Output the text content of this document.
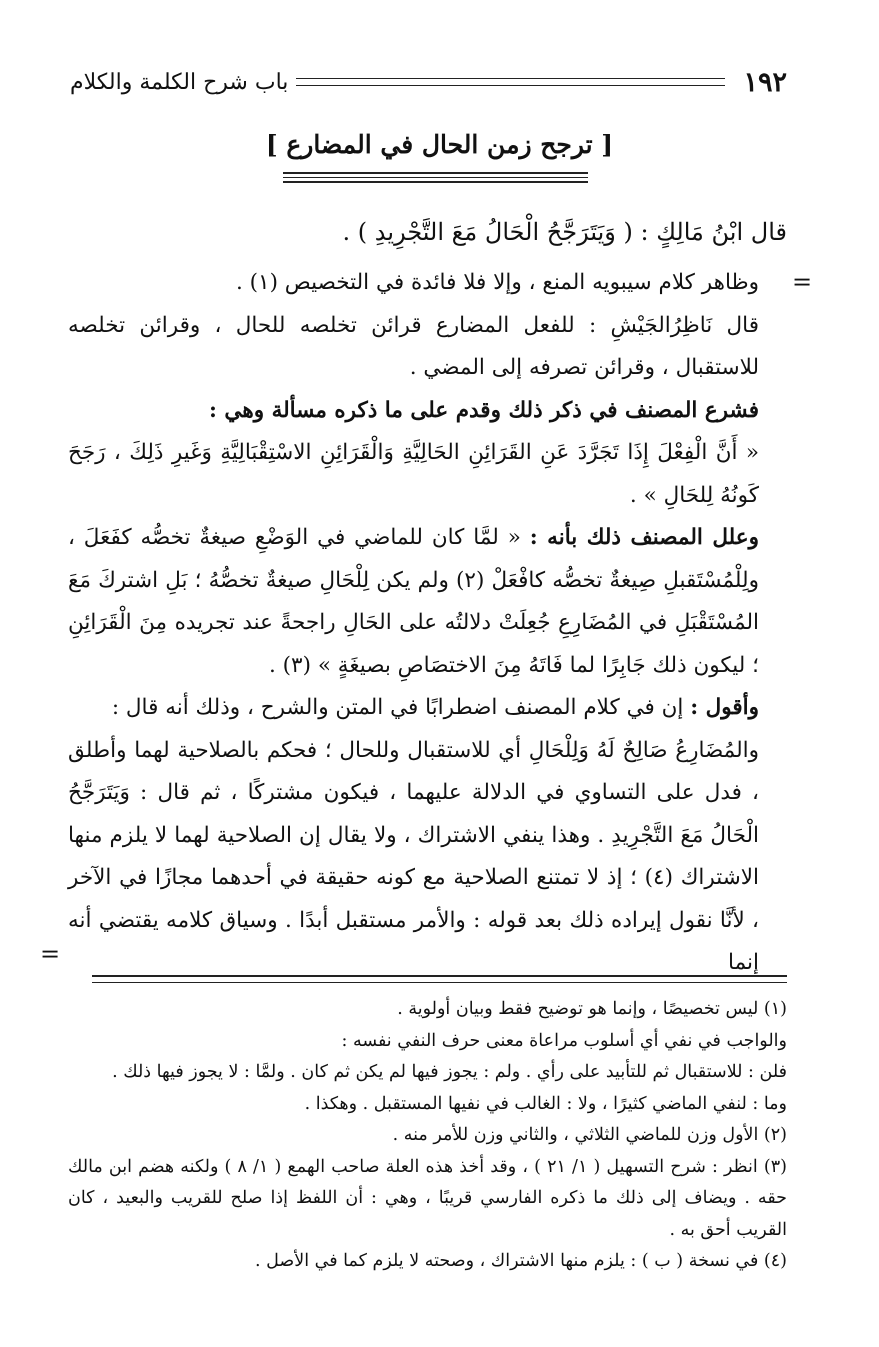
١٩٢
باب شرح الكلمة والكلام
[ ترجح زمن الحال في المضارع ]
قال ابْنُ مَالِكٍ : ( وَيَتَرَجَّحُ الْحَالُ مَعَ التَّجْرِيدِ ) .
=
=

وظاهر كلام سيبويه المنع ، وإلا فلا فائدة في التخصيص (١) .

قال نَاظِرُالجَيْشِ : للفعل المضارع قرائن تخلصه للحال ، وقرائن تخلصه للاستقبال ، وقرائن تصرفه إلى المضي .

فشرع المصنف في ذكر ذلك وقدم على ما ذكره مسألة وهي :

« أَنَّ الْفِعْلَ إِذَا تَجَرَّدَ عَنِ القَرَائِنِ الحَالِيَّةِ وَالْقَرَائِنِ الاسْتِقْبَالِيَّةِ وَغَيرِ ذَلِكَ ، رَجَحَ كَونُهُ لِلحَالِ » .

وعلل المصنف ذلك بأنه : « لمَّا كان للماضي في الوَضْعِ صيغةٌ تخصُّه كفَعَلَ ، ولِلْمُسْتَقبلِ صِيغةٌ تخصُّه كافْعَلْ (٢) ولم يكن لِلْحَالِ صيغةٌ تخصُّهُ ؛ بَلِ اشتركَ مَعَ المُسْتَقْبَلِ في المُضَارِعِ جُعِلَتْ دلالتُه على الحَالِ راجحةً عند تجريده مِنَ الْقَرَائِنِ ؛ ليكون ذلك جَابِرًا لما فَاتَهُ مِنَ الاختصَاصِ بصيغَةٍ » (٣) .

وأقول : إن في كلام المصنف اضطرابًا في المتن والشرح ، وذلك أنه قال :

والمُضَارِعُ صَالِحٌ لَهُ وَلِلْحَالِ أي للاستقبال وللحال ؛ فحكم بالصلاحية لهما وأطلق ، فدل على التساوي في الدلالة عليهما ، فيكون مشتركًا ، ثم قال : وَيَتَرَجَّحُ الْحَالُ مَعَ التَّجْرِيدِ . وهذا ينفي الاشتراك ، ولا يقال إن الصلاحية لهما لا يلزم منها الاشتراك (٤) ؛ إذ لا تمتنع الصلاحية مع كونه حقيقة في أحدهما مجازًا في الآخر ، لأنَّا نقول إيراده ذلك بعد قوله : والأمر مستقبل أبدًا . وسياق كلامه يقتضي أنه إنما

(١) ليس تخصيصًا ، وإنما هو توضيح فقط وبيان أولوية .

والواجب في نفي أي أسلوب مراعاة معنى حرف النفي نفسه :

فلن : للاستقبال ثم للتأبيد على رأي . ولم : يجوز فيها لم يكن ثم كان . ولمَّا : لا يجوز فيها ذلك .

وما : لنفي الماضي كثيرًا ، ولا : الغالب في نفيها المستقبل . وهكذا .

(٢) الأول وزن للماضي الثلاثي ، والثاني وزن للأمر منه .

(٣) انظر : شرح التسهيل ( ١/ ٢١ ) ، وقد أخذ هذه العلة صاحب الهمع ( ١/ ٨ ) ولكنه هضم ابن مالك حقه . ويضاف إلى ذلك ما ذكره الفارسي قريبًا ، وهي : أن اللفظ إذا صلح للقريب والبعيد ، كان القريب أحق به .

(٤) في نسخة ( ب ) : يلزم منها الاشتراك ، وصحته لا يلزم كما في الأصل .
